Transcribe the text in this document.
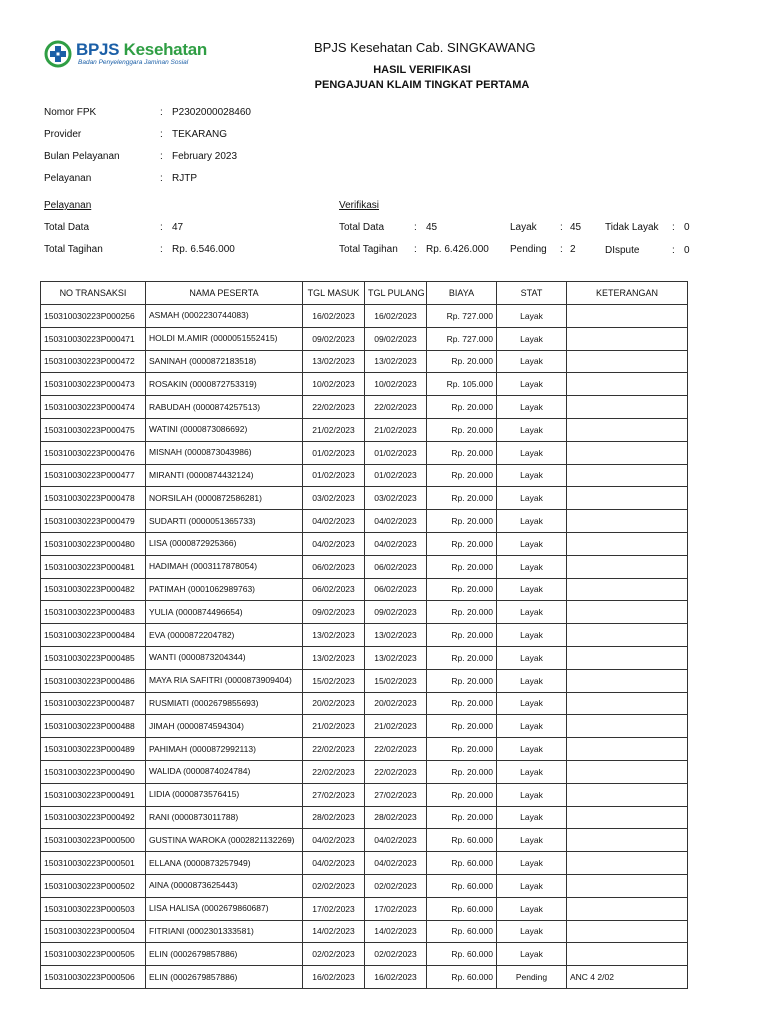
BPJS Kesehatan
Badan Penyelenggara Jaminan Sosial
BPJS Kesehatan Cab. SINGKAWANG
HASIL VERIFIKASI
PENGAJUAN KLAIM TINGKAT PERTAMA
Nomor FPK	: P2302000028460
Provider	: TEKARANG
Bulan Pelayanan	: February 2023
Pelayanan	: RJTP
Pelayanan	Verifikasi
Total Data	: 47
Total Tagihan	: Rp. 6.546.000
Total Data	: 45
Total Tagihan : Rp. 6.426.000
Layak : 45
Pending : 2
Tidak Layak : 0
DIspute	: 0
NO TRANSAKSI	NAMA PESERTA	TGL MASUK	TGL PULANG	BIAYA	STAT	KETERANGAN
150310030223P000256	ASMAH (0002230744083)	16/02/2023	16/02/2023	Rp. 727.000	Layak	
150310030223P000471	HOLDI M.AMIR (0000051552415)	09/02/2023	09/02/2023	Rp. 727.000	Layak	
150310030223P000472	SANINAH (0000872183518)	13/02/2023	13/02/2023	Rp. 20.000	Layak	
150310030223P000473	ROSAKIN (0000872753319)	10/02/2023	10/02/2023	Rp. 105.000	Layak	
150310030223P000474	RABUDAH (0000874257513)	22/02/2023	22/02/2023	Rp. 20.000	Layak	
150310030223P000475	WATINI (0000873086692)	21/02/2023	21/02/2023	Rp. 20.000	Layak	
150310030223P000476	MISNAH (0000873043986)	01/02/2023	01/02/2023	Rp. 20.000	Layak	
150310030223P000477	MIRANTI (0000874432124)	01/02/2023	01/02/2023	Rp. 20.000	Layak	
150310030223P000478	NORSILAH (0000872586281)	03/02/2023	03/02/2023	Rp. 20.000	Layak	
150310030223P000479	SUDARTI (0000051365733)	04/02/2023	04/02/2023	Rp. 20.000	Layak	
150310030223P000480	LISA (0000872925366)	04/02/2023	04/02/2023	Rp. 20.000	Layak	
150310030223P000481	HADIMAH (0003117878054)	06/02/2023	06/02/2023	Rp. 20.000	Layak	
150310030223P000482	PATIMAH (0001062989763)	06/02/2023	06/02/2023	Rp. 20.000	Layak	
150310030223P000483	YULIA (0000874496654)	09/02/2023	09/02/2023	Rp. 20.000	Layak	
150310030223P000484	EVA (0000872204782)	13/02/2023	13/02/2023	Rp. 20.000	Layak	
150310030223P000485	WANTI (0000873204344)	13/02/2023	13/02/2023	Rp. 20.000	Layak	
150310030223P000486	MAYA RIA SAFITRI (0000873909404)	15/02/2023	15/02/2023	Rp. 20.000	Layak	
150310030223P000487	RUSMIATI (0002679855693)	20/02/2023	20/02/2023	Rp. 20.000	Layak	
150310030223P000488	JIMAH (0000874594304)	21/02/2023	21/02/2023	Rp. 20.000	Layak	
150310030223P000489	PAHIMAH (0000872992113)	22/02/2023	22/02/2023	Rp. 20.000	Layak	
150310030223P000490	WALIDA (0000874024784)	22/02/2023	22/02/2023	Rp. 20.000	Layak	
150310030223P000491	LIDIA (0000873576415)	27/02/2023	27/02/2023	Rp. 20.000	Layak	
150310030223P000492	RANI (0000873011788)	28/02/2023	28/02/2023	Rp. 20.000	Layak	
150310030223P000500	GUSTINA WAROKA (0002821132269)	04/02/2023	04/02/2023	Rp. 60.000	Layak	
150310030223P000501	ELLANA (0000873257949)	04/02/2023	04/02/2023	Rp. 60.000	Layak	
150310030223P000502	AINA (0000873625443)	02/02/2023	02/02/2023	Rp. 60.000	Layak	
150310030223P000503	LISA HALISA (0002679860687)	17/02/2023	17/02/2023	Rp. 60.000	Layak	
150310030223P000504	FITRIANI (0002301333581)	14/02/2023	14/02/2023	Rp. 60.000	Layak	
150310030223P000505	ELIN (0002679857886)	02/02/2023	02/02/2023	Rp. 60.000	Layak	
150310030223P000506	ELIN (0002679857886)	16/02/2023	16/02/2023	Rp. 60.000	Pending	ANC 4 2/02
